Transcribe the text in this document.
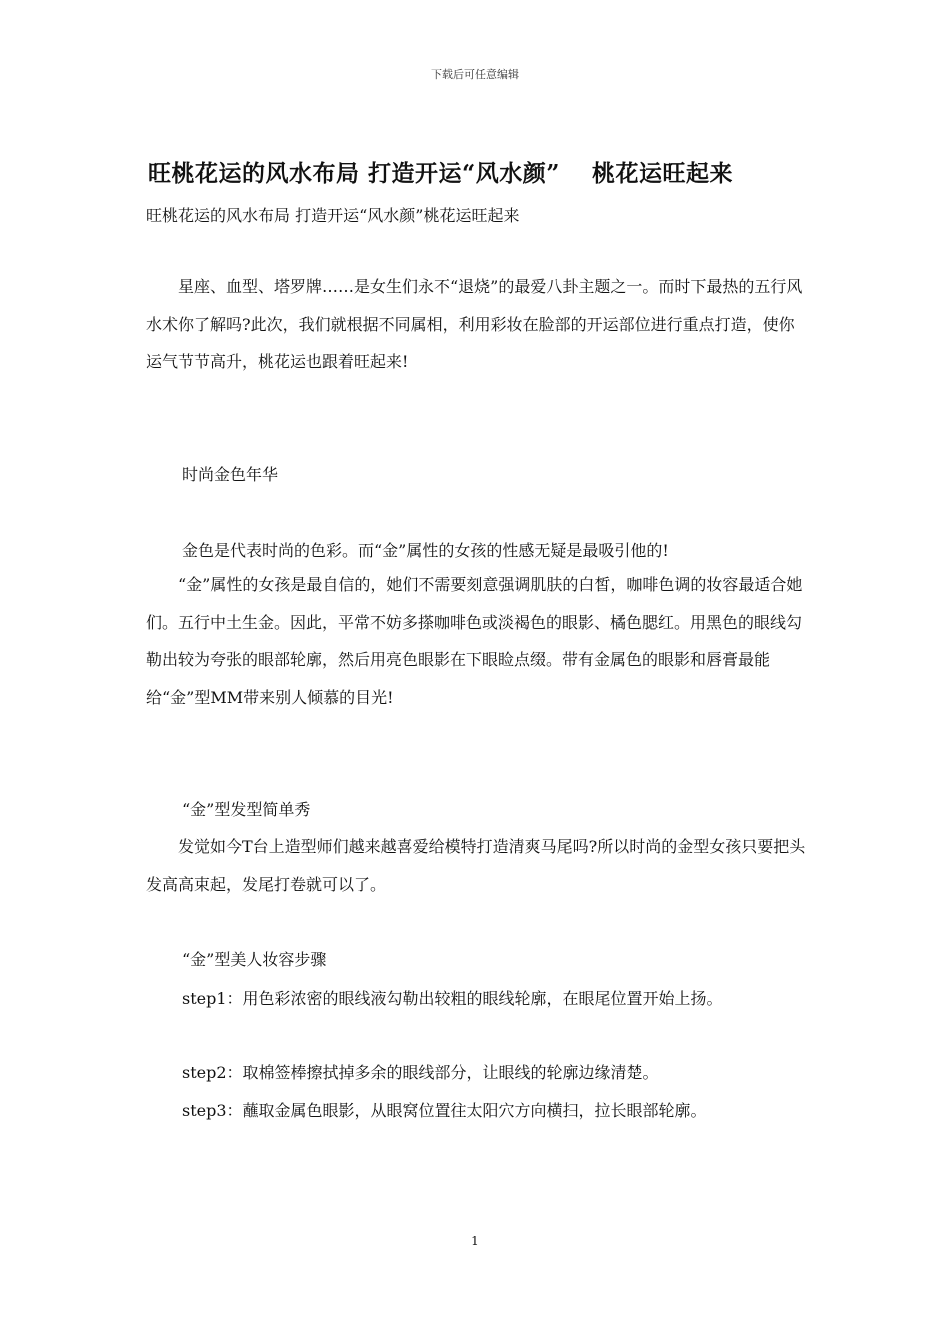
下载后可任意编辑
旺桃花运的风水布局 打造开运“风水颜”　 桃花运旺起来
旺桃花运的风水布局 打造开运“风水颜”桃花运旺起来

星座、血型、塔罗牌……是女生们永不“退烧”的最爱八卦主题之一。而时下最热的五行风水术你了解吗?此次，我们就根据不同属相，利用彩妆在脸部的开运部位进行重点打造，使你运气节节高升，桃花运也跟着旺起来!

时尚金色年华

金色是代表时尚的色彩。而“金”属性的女孩的性感无疑是最吸引他的!

“金”属性的女孩是最自信的，她们不需要刻意强调肌肤的白皙，咖啡色调的妆容最适合她们。五行中土生金。因此，平常不妨多搽咖啡色或淡褐色的眼影、橘色腮红。用黑色的眼线勾勒出较为夸张的眼部轮廓，然后用亮色眼影在下眼睑点缀。带有金属色的眼影和唇膏最能给“金”型MM带来别人倾慕的目光!

“金”型发型简单秀

发觉如今T台上造型师们越来越喜爱给模特打造清爽马尾吗?所以时尚的金型女孩只要把头发高高束起，发尾打卷就可以了。

“金”型美人妆容步骤

step1：用色彩浓密的眼线液勾勒出较粗的眼线轮廓，在眼尾位置开始上扬。

step2：取棉签棒擦拭掉多余的眼线部分，让眼线的轮廓边缘清楚。

step3：蘸取金属色眼影，从眼窝位置往太阳穴方向横扫，拉长眼部轮廓。

1
